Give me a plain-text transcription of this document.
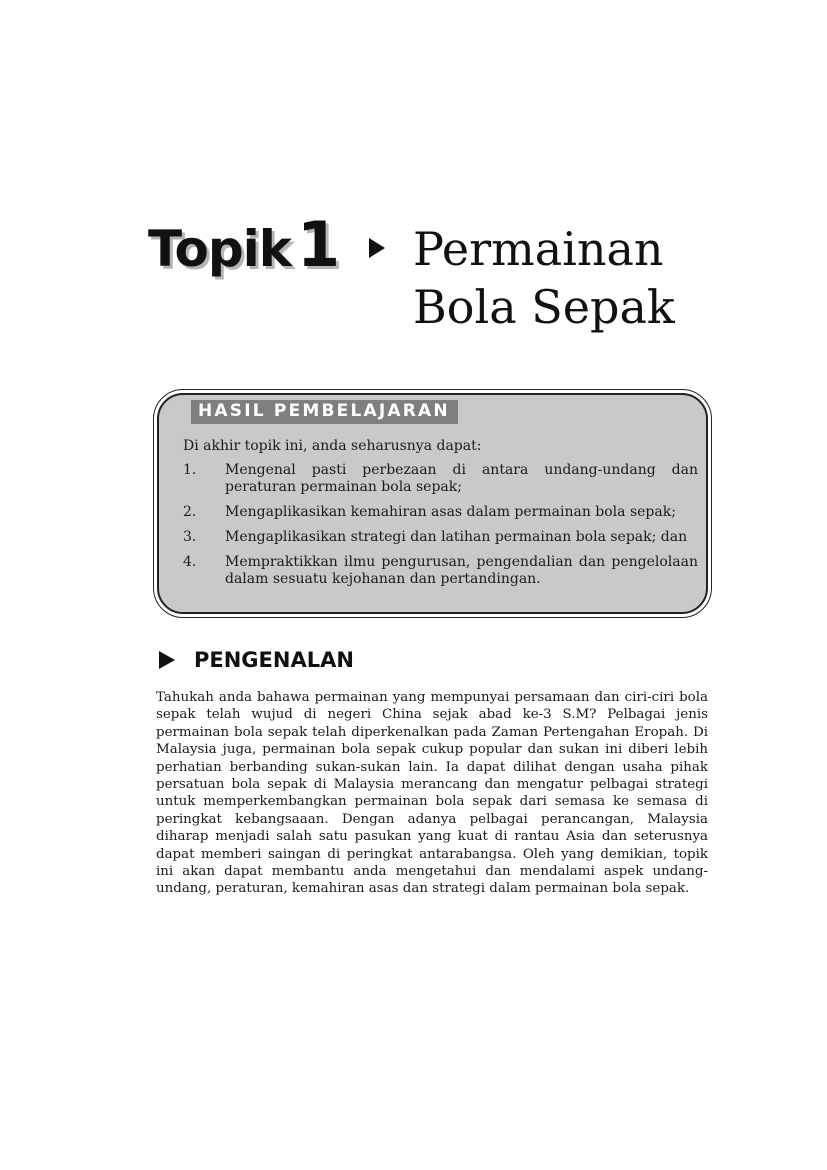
Topik1 Permainan
Bola Sepak
HASIL PEMBELAJARAN
Di akhir topik ini, anda seharusnya dapat:
1.	Mengenal pasti perbezaan di antara undang-undang dan peraturan permainan bola sepak;
2.	Mengaplikasikan kemahiran asas dalam permainan bola sepak;
3.	Mengaplikasikan strategi dan latihan permainan bola sepak; dan
4.	Mempraktikkan ilmu pengurusan, pengendalian dan pengelolaan dalam sesuatu kejohanan dan pertandingan.
PENGENALAN

Tahukah anda bahawa permainan yang mempunyai persamaan dan ciri-ciri bola sepak telah wujud di negeri China sejak abad ke-3 S.M? Pelbagai jenis permainan bola sepak telah diperkenalkan pada Zaman Pertengahan Eropah. Di Malaysia juga, permainan bola sepak cukup popular dan sukan ini diberi lebih perhatian berbanding sukan-sukan lain. Ia dapat dilihat dengan usaha pihak persatuan bola sepak di Malaysia merancang dan mengatur pelbagai strategi untuk memperkembangkan permainan bola sepak dari semasa ke semasa di peringkat kebangsaaan. Dengan adanya pelbagai perancangan, Malaysia diharap menjadi salah satu pasukan yang kuat di rantau Asia dan seterusnya dapat memberi saingan di peringkat antarabangsa. Oleh yang demikian, topik ini akan dapat membantu anda mengetahui dan mendalami aspek undang-undang, peraturan, kemahiran asas dan strategi dalam permainan bola sepak.
